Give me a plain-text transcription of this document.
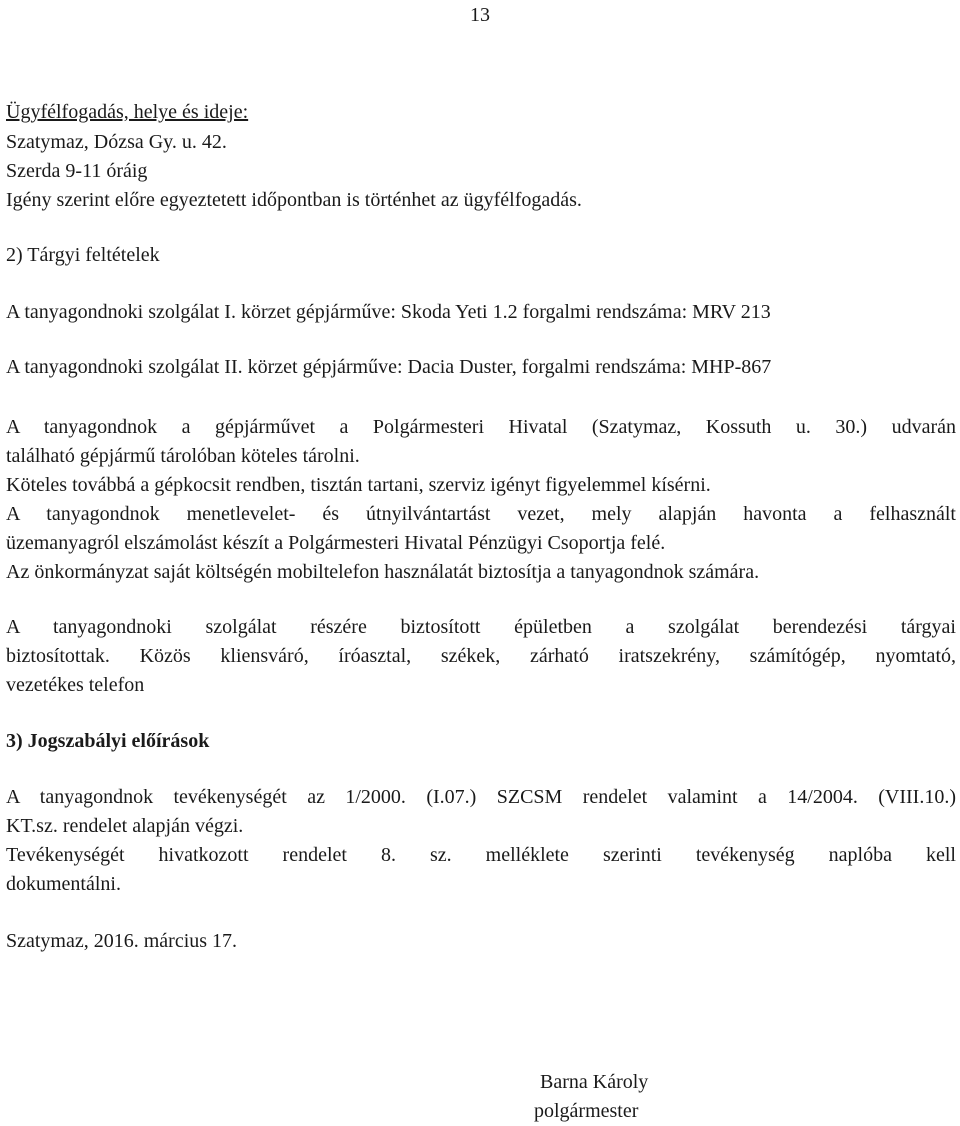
13
Ügyfélfogadás, helye és ideje:
Szatymaz, Dózsa Gy. u. 42.
Szerda 9-11 óráig
Igény szerint előre egyeztetett időpontban is történhet az ügyfélfogadás.
2) Tárgyi feltételek
A tanyagondnoki szolgálat I. körzet gépjárműve: Skoda Yeti 1.2 forgalmi rendszáma: MRV 213
A tanyagondnoki szolgálat II. körzet gépjárműve: Dacia Duster, forgalmi rendszáma: MHP-867
A tanyagondnok a gépjárművet a Polgármesteri Hivatal (Szatymaz, Kossuth u. 30.) udvarán
található gépjármű tárolóban köteles tárolni.
Köteles továbbá a gépkocsit rendben, tisztán tartani, szerviz igényt figyelemmel kísérni.
A tanyagondnok menetlevelet- és útnyilvántartást vezet, mely alapján havonta a felhasznált
üzemanyagról elszámolást készít a Polgármesteri Hivatal Pénzügyi Csoportja felé.
Az önkormányzat saját költségén mobiltelefon használatát biztosítja a tanyagondnok számára.
A tanyagondnoki szolgálat részére biztosított épületben a szolgálat berendezési tárgyai
biztosítottak. Közös kliensváró, íróasztal, székek, zárható iratszekrény, számítógép, nyomtató,
vezetékes telefon
3) Jogszabályi előírások
A tanyagondnok tevékenységét az 1/2000. (I.07.) SZCSM rendelet valamint a 14/2004. (VIII.10.)
KT.sz. rendelet alapján végzi.
Tevékenységét hivatkozott rendelet 8. sz. melléklete szerinti tevékenység naplóba kell
dokumentálni.
Szatymaz, 2016. március 17.
Barna Károly
polgármester
